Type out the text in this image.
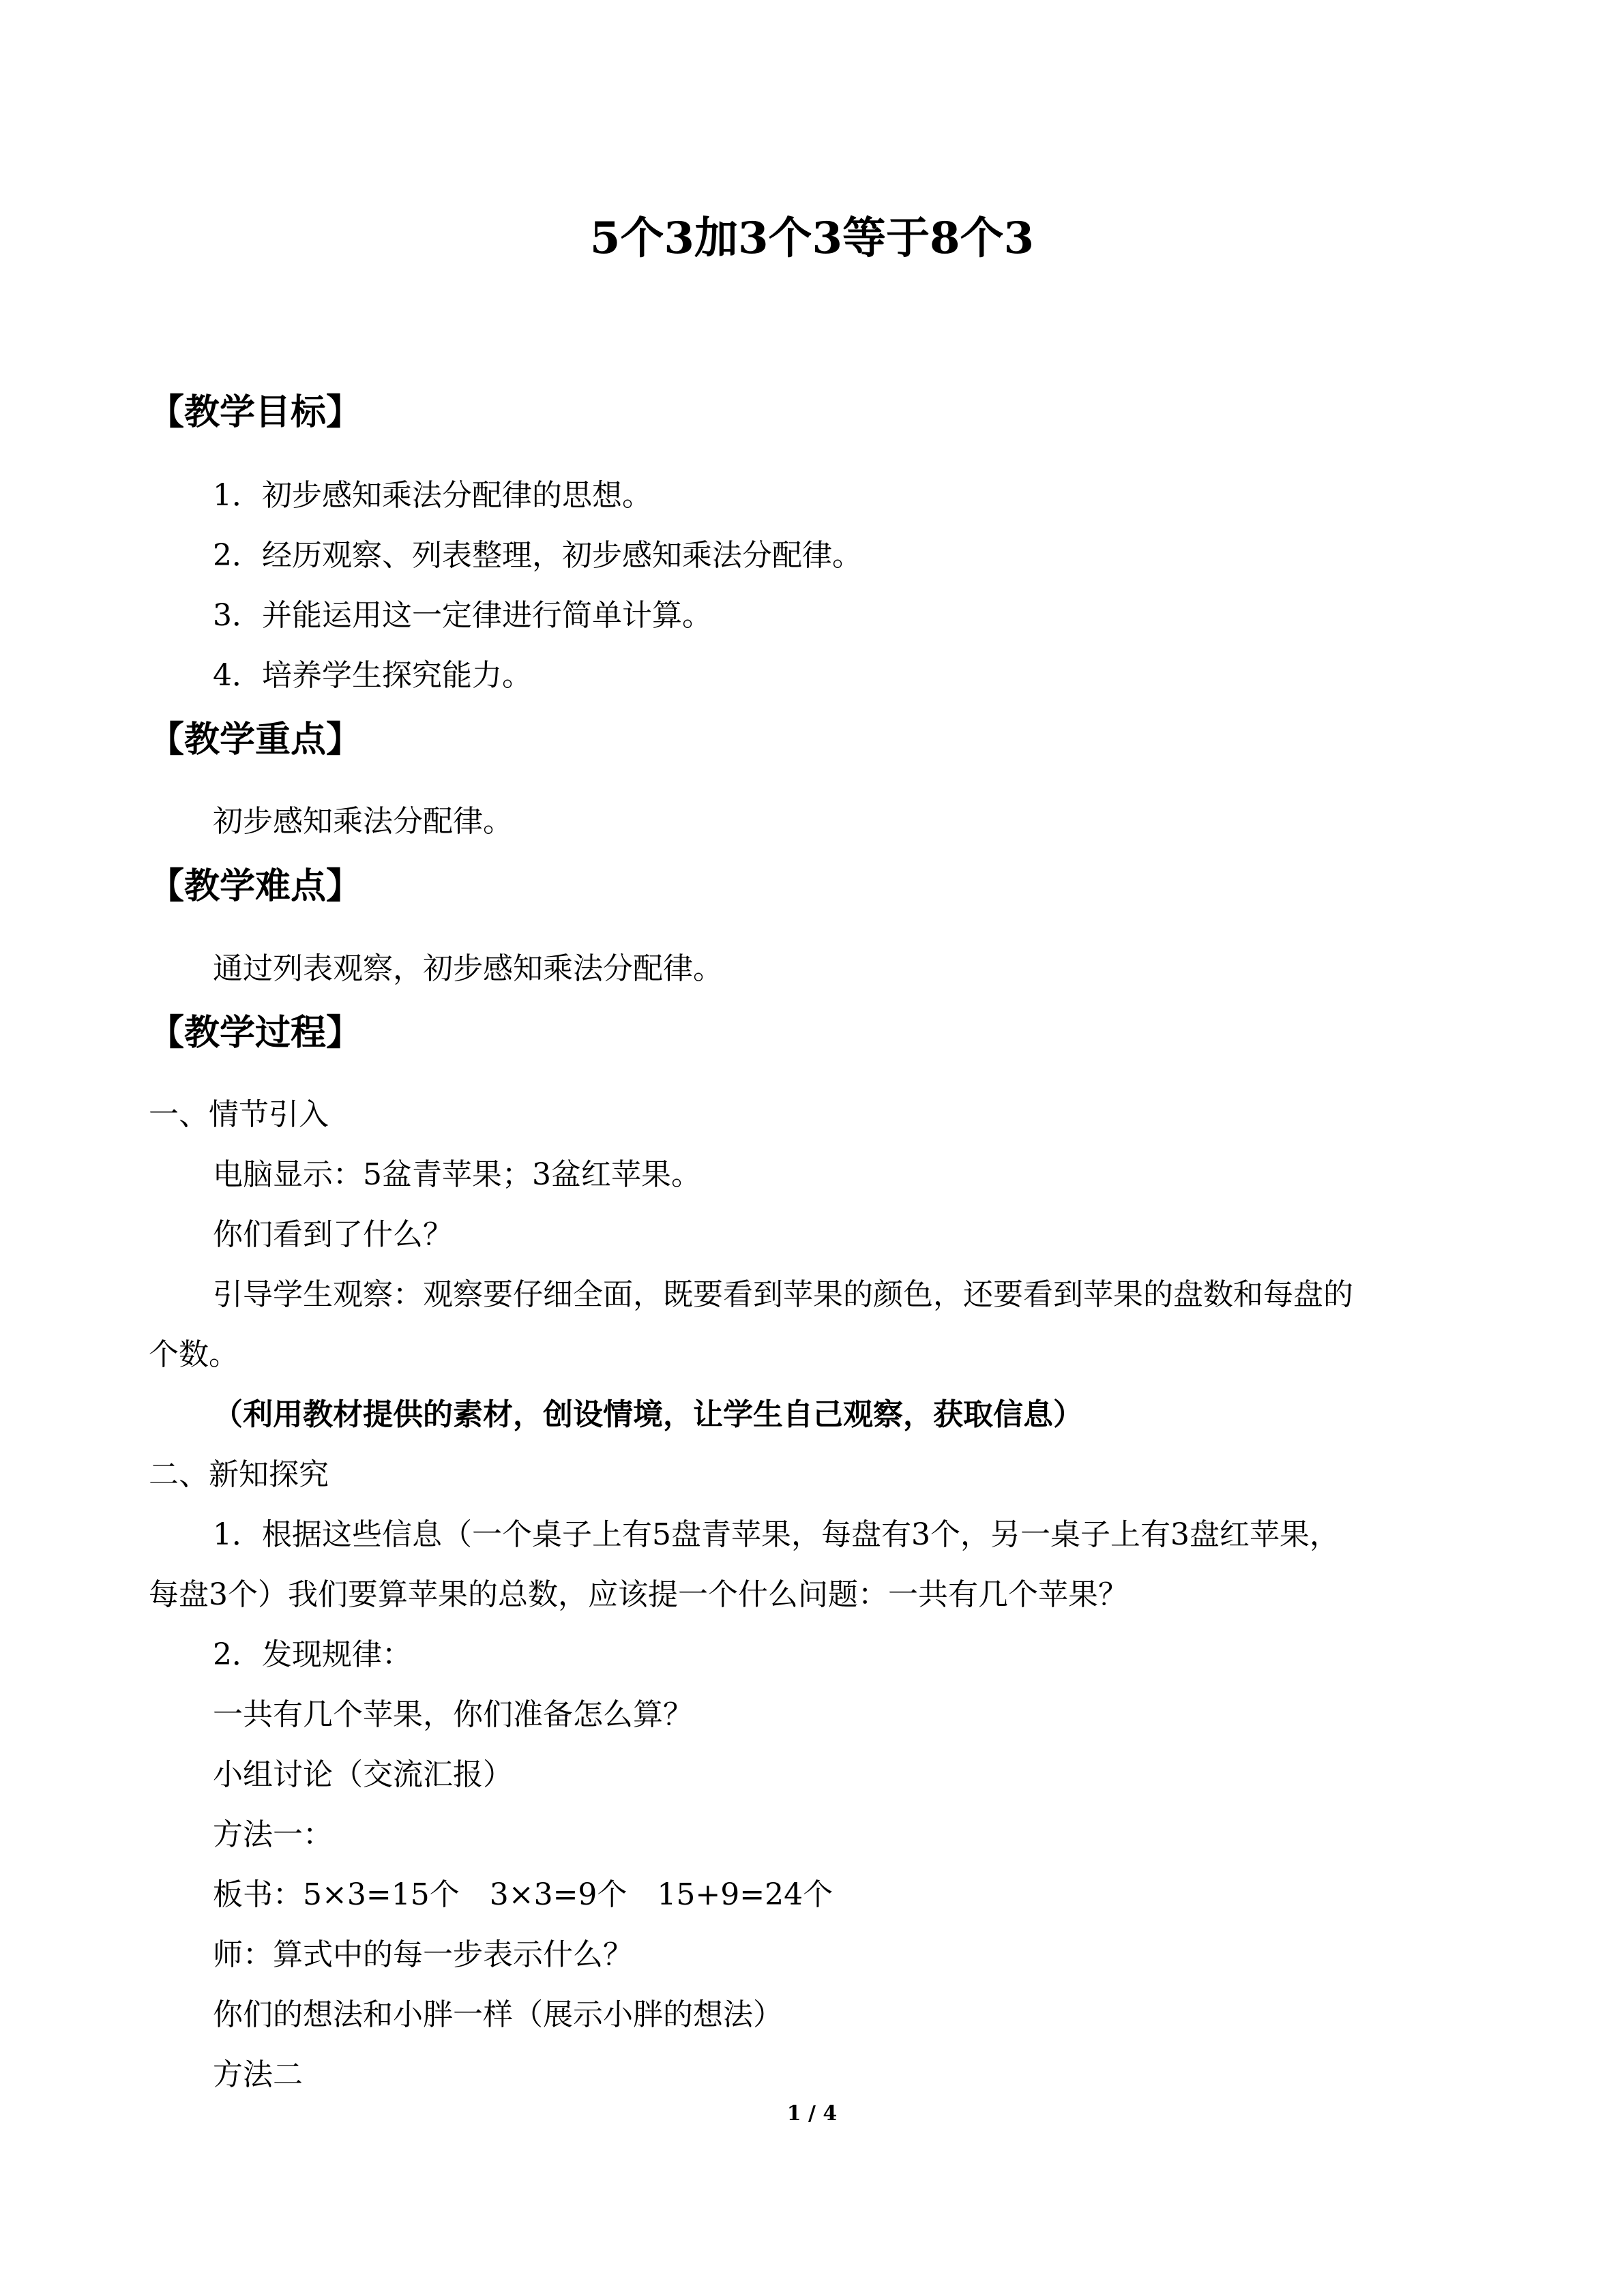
5个3加3个3等于8个3
【教学目标】
1．初步感知乘法分配律的思想。
2．经历观察、列表整理，初步感知乘法分配律。
3．并能运用这一定律进行简单计算。
4．培养学生探究能力。
【教学重点】
初步感知乘法分配律。
【教学难点】
通过列表观察，初步感知乘法分配律。
【教学过程】
一、情节引入
电脑显示：5盆青苹果；3盆红苹果。
你们看到了什么？
引导学生观察：观察要仔细全面，既要看到苹果的颜色，还要看到苹果的盘数和每盘的
个数。
（利用教材提供的素材，创设情境，让学生自己观察，获取信息）
二、新知探究
1．根据这些信息（一个桌子上有5盘青苹果，每盘有3个，另一桌子上有3盘红苹果，
每盘3个）我们要算苹果的总数，应该提一个什么问题：一共有几个苹果？
2．发现规律：
一共有几个苹果，你们准备怎么算？
小组讨论（交流汇报）
方法一：
板书：5×3=15个　3×3=9个　15+9=24个
师：算式中的每一步表示什么？
你们的想法和小胖一样（展示小胖的想法）
方法二
1 / 4
